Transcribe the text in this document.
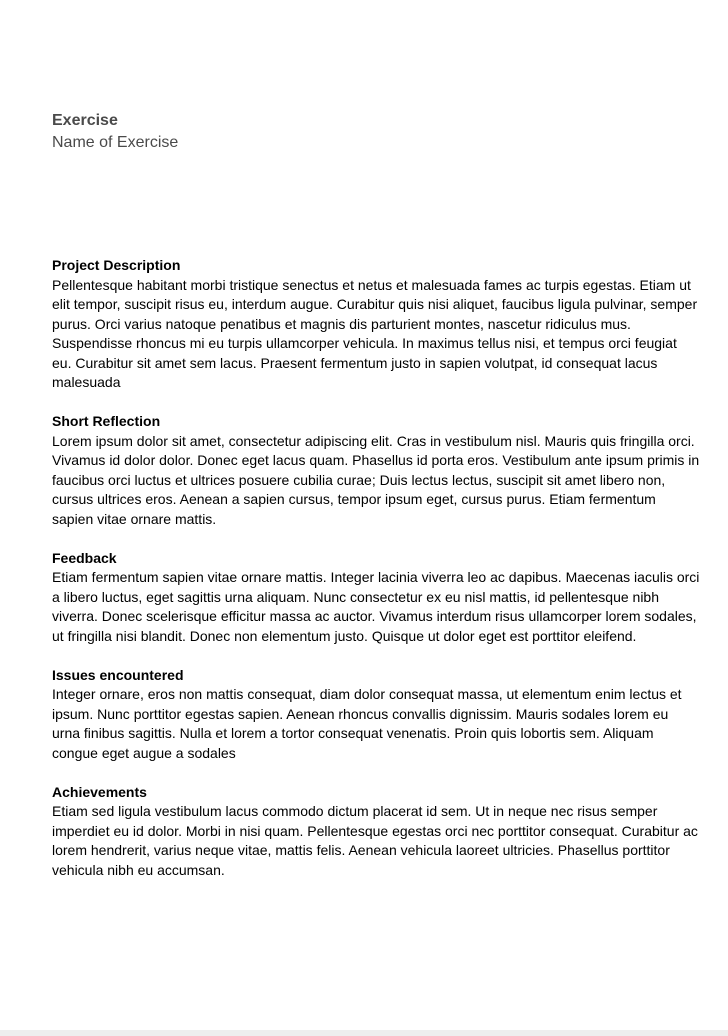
Exercise

Name of Exercise

Project Description

Pellentesque habitant morbi tristique senectus et netus et malesuada fames ac turpis egestas. Etiam ut elit tempor, suscipit risus eu, interdum augue. Curabitur quis nisi aliquet, faucibus ligula pulvinar, semper purus. Orci varius natoque penatibus et magnis dis parturient montes, nascetur ridiculus mus. Suspendisse rhoncus mi eu turpis ullamcorper vehicula. In maximus tellus nisi, et tempus orci feugiat eu. Curabitur sit amet sem lacus. Praesent fermentum justo in sapien volutpat, id consequat lacus malesuada

Short Reflection

Lorem ipsum dolor sit amet, consectetur adipiscing elit. Cras in vestibulum nisl. Mauris quis fringilla orci. Vivamus id dolor dolor. Donec eget lacus quam. Phasellus id porta eros. Vestibulum ante ipsum primis in faucibus orci luctus et ultrices posuere cubilia curae; Duis lectus lectus, suscipit sit amet libero non, cursus ultrices eros. Aenean a sapien cursus, tempor ipsum eget, cursus purus. Etiam fermentum sapien vitae ornare mattis.

Feedback

Etiam fermentum sapien vitae ornare mattis. Integer lacinia viverra leo ac dapibus. Maecenas iaculis orci a libero luctus, eget sagittis urna aliquam. Nunc consectetur ex eu nisl mattis, id pellentesque nibh viverra. Donec scelerisque efficitur massa ac auctor. Vivamus interdum risus ullamcorper lorem sodales, ut fringilla nisi blandit. Donec non elementum justo. Quisque ut dolor eget est porttitor eleifend.

Issues encountered

Integer ornare, eros non mattis consequat, diam dolor consequat massa, ut elementum enim lectus et ipsum. Nunc porttitor egestas sapien. Aenean rhoncus convallis dignissim. Mauris sodales lorem eu urna finibus sagittis. Nulla et lorem a tortor consequat venenatis. Proin quis lobortis sem. Aliquam congue eget augue a sodales

Achievements

Etiam sed ligula vestibulum lacus commodo dictum placerat id sem. Ut in neque nec risus semper imperdiet eu id dolor. Morbi in nisi quam. Pellentesque egestas orci nec porttitor consequat. Curabitur ac lorem hendrerit, varius neque vitae, mattis felis. Aenean vehicula laoreet ultricies. Phasellus porttitor vehicula nibh eu accumsan.
